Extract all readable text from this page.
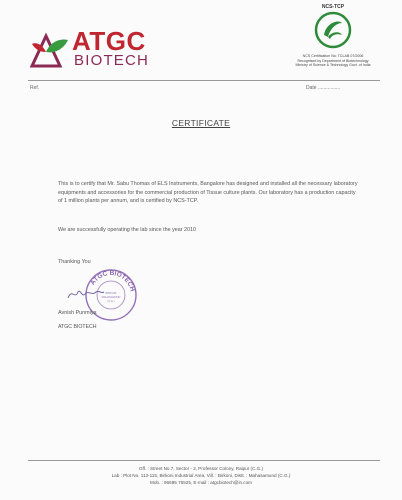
ATGC
BIOTECH
NCS-TCP
NCS Certification No: TCLAB 07/2006
Recognised by Department of Biotechnology
Ministry of Science & Technology Govt. of India
Ref.	Date ................
CERTIFICATE
This is to certify that Mr. Sabu Thomas of ELS Instruments, Bangalore has designed and installed all the necessary laboratory equipments and accessories for the commercial production of Tissue culture plants. Our laboratory has a production capacity of 1 million plants per annum, and is certified by NCS-TCP.
We are successfully operating the lab since the year 2010
Thanking You
ATGC BIOTECH
BIRKONI
MAHASAMUND
(C.G.)
Avnish Punmiya
ATGC BIOTECH
Off. : Street No.7, Sector - 2, Professor Colony, Raipur (C.G.)
Lab : Plot No. 113-115, Birkoni Industrial Area, Vill. : Birkoni, Distt. : Mahasamund (C.G.)
Mob. : 96695 76525, E-mail : atgcbiotech@in.com
